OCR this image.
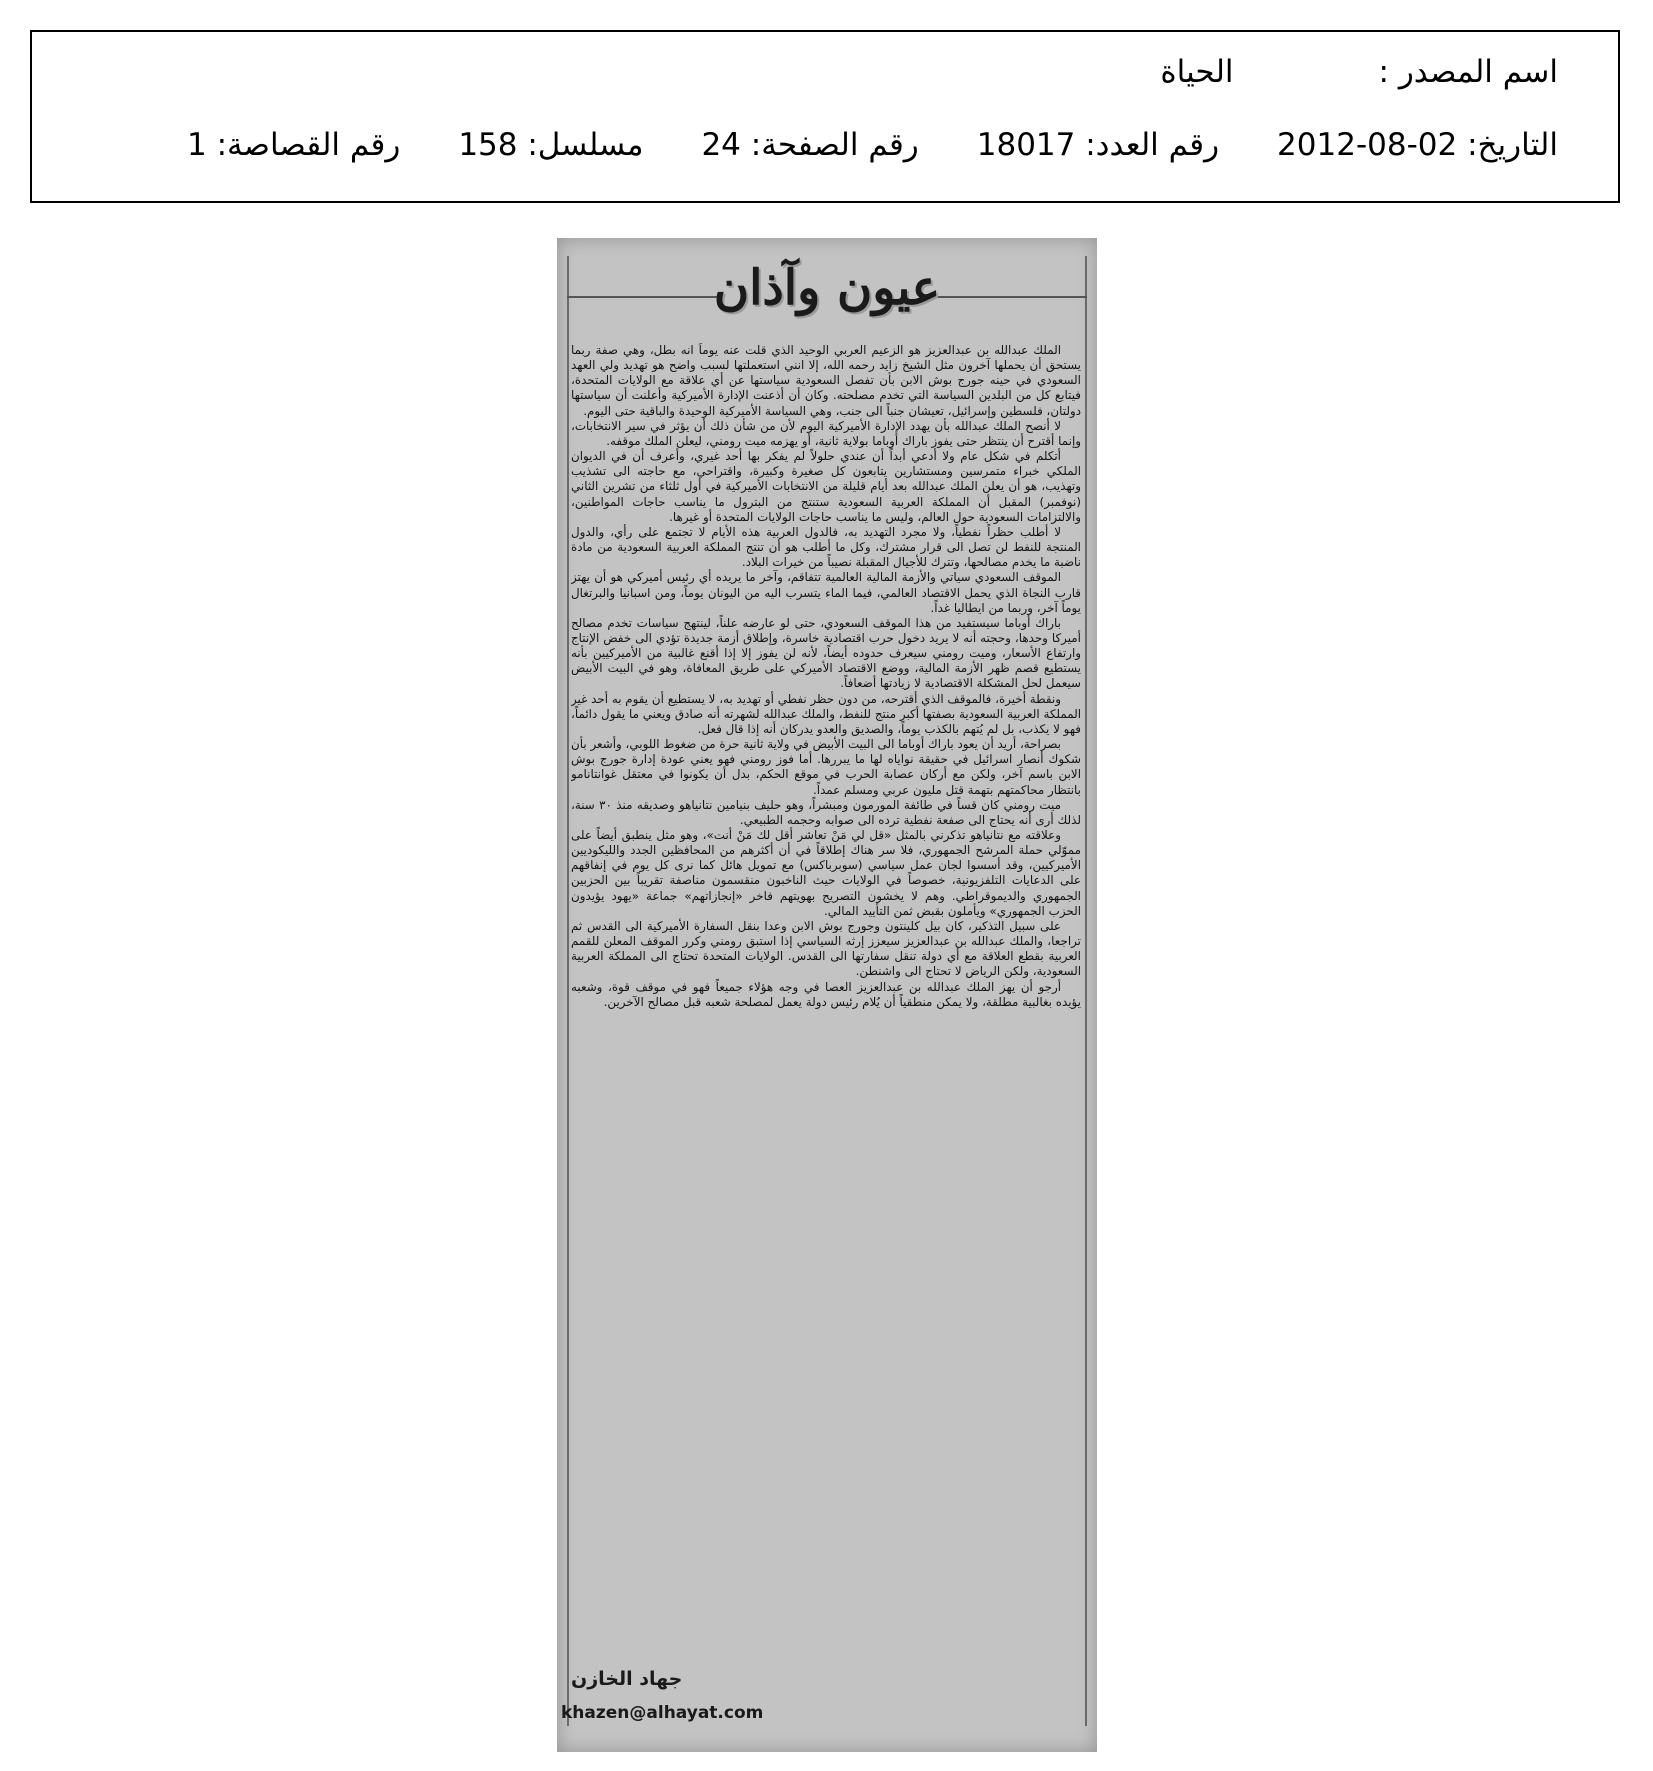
اسم المصدر :الحياة
التاريخ: 2012-08-02رقم العدد: 18017رقم الصفحة: 24مسلسل: 158رقم القصاصة: 1
عيون وآذان

الملك عبدالله بن عبدالعزيز هو الزعيم العربي الوحيد الذي قلت عنه يوماً انه بطل، وهي صفة ربما يستحق أن يحملها آخرون مثل الشيخ زايد رحمه الله، إلا انني استعملتها لسبب واضح هو تهديد ولي العهد السعودي في حينه جورج بوش الابن بأن تفصل السعودية سياستها عن أي علاقة مع الولايات المتحدة، فيتابع كل من البلدين السياسة التي تخدم مصلحته. وكان أن أذعنت الإدارة الأميركية وأعلنت أن سياستها دولتان، فلسطين وإسرائيل، تعيشان جنباً الى جنب، وهي السياسة الأميركية الوحيدة والباقية حتى اليوم.

لا أنصح الملك عبدالله بأن يهدد الإدارة الأميركية اليوم لأن من شأن ذلك أن يؤثر في سير الانتخابات، وإنما أقترح أن ينتظر حتى يفوز باراك أوباما بولاية ثانية، أو يهزمه ميت رومني، ليعلن الملك موقفه.

أتكلم في شكل عام ولا أدعي أبداً أن عندي حلولاً لم يفكر بها أحد غيري، وأعرف أن في الديوان الملكي خبراء متمرسين ومستشارين يتابعون كل صغيرة وكبيرة، واقتراحي، مع حاجته الى تشذيب وتهذيب، هو أن يعلن الملك عبدالله بعد أيام قليلة من الانتخابات الأميركية في أول ثلثاء من تشرين الثاني (نوفمبر) المقبل أن المملكة العربية السعودية ستنتج من البترول ما يناسب حاجات المواطنين، والالتزامات السعودية حول العالم، وليس ما يناسب حاجات الولايات المتحدة أو غيرها.

لا أطلب حظراً نفطياً، ولا مجرد التهديد به، فالدول العربية هذه الأيام لا تجتمع على رأي، والدول المنتجة للنفط لن تصل الى قرار مشترك، وكل ما أطلب هو أن تنتج المملكة العربية السعودية من مادة ناضبة ما يخدم مصالحها، وتترك للأجيال المقبلة نصيباً من خيرات البلاد.

الموقف السعودي سياتي والأزمة المالية العالمية تتفاقم، وآخر ما يريده أي رئيس أميركي هو أن يهتز قارب النجاة الذي يحمل الاقتصاد العالمي، فيما الماء يتسرب اليه من اليونان يوماً، ومن اسبانيا والبرتغال يوماً آخر، وربما من ايطاليا غداً.

باراك أوباما سيستفيد من هذا الموقف السعودي، حتى لو عارضه علناً، لينتهج سياسات تخدم مصالح أميركا وحدها، وحجته أنه لا يريد دخول حرب اقتصادية خاسرة، وإطلاق أزمة جديدة تؤدي الى خفض الإنتاج وارتفاع الأسعار، وميت رومني سيعرف حدوده أيضاً، لأنه لن يفوز إلا إذا أقنع غالبية من الأميركيين بأنه يستطيع قصم ظهر الأزمة المالية، ووضع الاقتصاد الأميركي على طريق المعافاة، وهو في البيت الأبيض سيعمل لحل المشكلة الاقتصادية لا زيادتها أضعافاً.

ونقطة أخيرة، فالموقف الذي أقترحه، من دون حظر نفطي أو تهديد به، لا يستطيع أن يقوم به أحد غير المملكة العربية السعودية بصفتها أكبر منتج للنفط، والملك عبدالله لشهرته أنه صادق ويعني ما يقول دائماً، فهو لا يكذب، بل لم يُتهم بالكذب يوماً، والصديق والعدو يدركان أنه إذا قال فعل.

بصراحة، أريد أن يعود باراك أوباما الى البيت الأبيض في ولاية ثانية حرة من ضغوط اللوبي، وأشعر بأن شكوك أنصار اسرائيل في حقيقة نواياه لها ما يبررها. أما فوز رومني فهو يعني عودة إدارة جورج بوش الابن باسم آخر، ولكن مع أركان عصابة الحرب في موقع الحكم، بدل أن يكونوا في معتقل غوانتانامو بانتظار محاكمتهم بتهمة قتل مليون عربي ومسلم عمداً.

ميت رومني كان قساً في طائفة المورمون ومبشراً، وهو حليف بنيامين نتانياهو وصديقه منذ ٣٠ سنة، لذلك أرى أنه يحتاج الى صفعة نفطية ترده الى صوابه وحجمه الطبيعي.

وعلاقته مع نتانياهو تذكرني بالمثل «قل لي مَنْ تعاشر أقل لك مَنْ أنت»، وهو مثل ينطبق أيضاً على مموّلي حملة المرشح الجمهوري، فلا سر هناك إطلاقاً في أن أكثرهم من المحافظين الجدد والليكوديين الأميركيين، وقد أسسوا لجان عمل سياسي (سوبرباكس) مع تمويل هائل كما نرى كل يوم في إنفاقهم على الدعايات التلفزيونية، خصوصاً في الولايات حيث الناخبون منقسمون مناصفة تقريباً بين الحزبين الجمهوري والديموقراطي. وهم لا يخشون التصريح بهويتهم فاخر «إنجازاتهم» جماعة «يهود يؤيدون الحزب الجمهوري» ويأملون بقبض ثمن التأييد المالي.

على سبيل التذكير، كان بيل كلينتون وجورج بوش الابن وعدا بنقل السفارة الأميركية الى القدس ثم تراجعا، والملك عبدالله بن عبدالعزيز سيعزز إرثه السياسي إذا استبق رومني وكرر الموقف المعلن للقمم العربية بقطع العلاقة مع أي دولة تنقل سفارتها الى القدس. الولايات المتحدة تحتاج الى المملكة العربية السعودية، ولكن الرياض لا تحتاج الى واشنطن.

أرجو أن يهز الملك عبدالله بن عبدالعزيز العصا في وجه هؤلاء جميعاً فهو في موقف قوة، وشعبه يؤيده بغالبية مطلقة، ولا يمكن منطقياً أن يُلام رئيس دولة يعمل لمصلحة شعبه قبل مصالح الآخرين.

جهاد الخازن
khazen@alhayat.com
